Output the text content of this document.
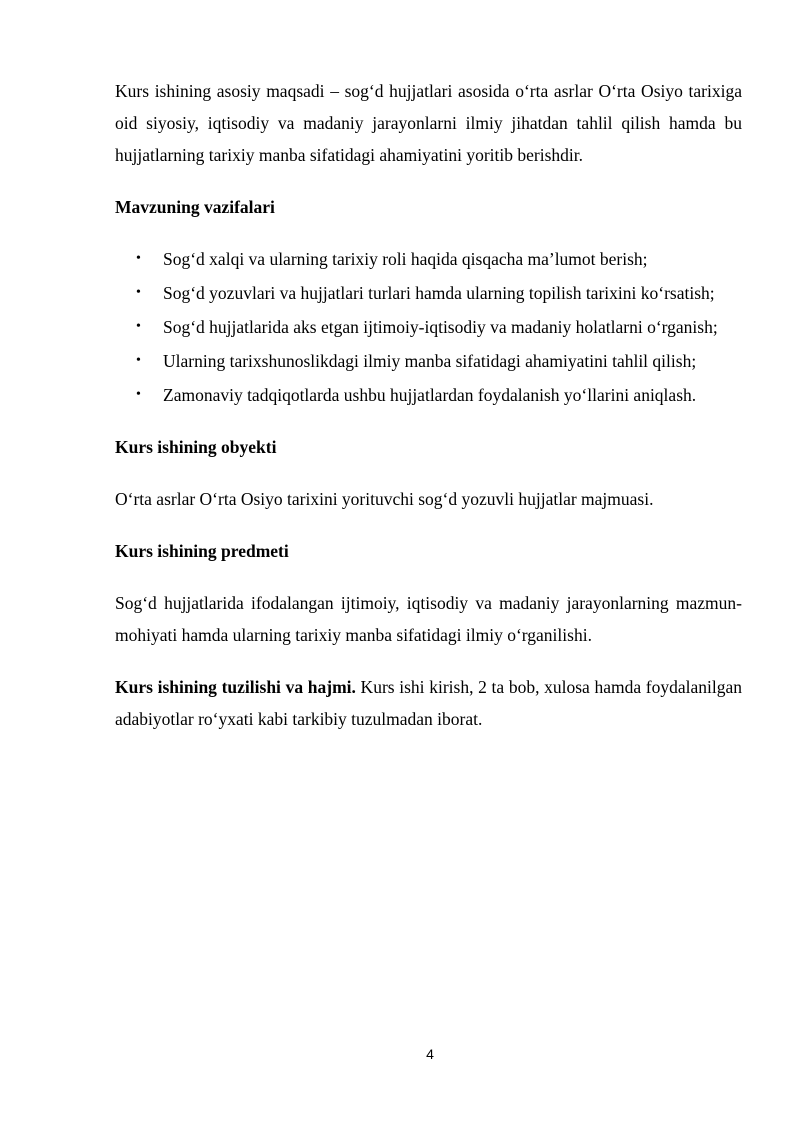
Kurs ishining asosiy maqsadi – sog‘d hujjatlari asosida o‘rta asrlar O‘rta Osiyo tarixiga oid siyosiy, iqtisodiy va madaniy jarayonlarni ilmiy jihatdan tahlil qilish hamda bu hujjatlarning tarixiy manba sifatidagi ahamiyatini yoritib berishdir.

Mavzuning vazifalari

• Sog‘d xalqi va ularning tarixiy roli haqida qisqacha ma’lumot berish;
• Sog‘d yozuvlari va hujjatlari turlari hamda ularning topilish tarixini ko‘rsatish;
• Sog‘d hujjatlarida aks etgan ijtimoiy-iqtisodiy va madaniy holatlarni o‘rganish;
• Ularning tarixshunoslikdagi ilmiy manba sifatidagi ahamiyatini tahlil qilish;
• Zamonaviy tadqiqotlarda ushbu hujjatlardan foydalanish yo‘llarini aniqlash.

Kurs ishining obyekti

O‘rta asrlar O‘rta Osiyo tarixini yorituvchi sog‘d yozuvli hujjatlar majmuasi.

Kurs ishining predmeti

Sog‘d hujjatlarida ifodalangan ijtimoiy, iqtisodiy va madaniy jarayonlarning mazmun-mohiyati hamda ularning tarixiy manba sifatidagi ilmiy o‘rganilishi.

Kurs ishining tuzilishi va hajmi. Kurs ishi kirish, 2 ta bob, xulosa hamda foydalanilgan adabiyotlar ro‘yxati kabi tarkibiy tuzulmadan iborat.

4
